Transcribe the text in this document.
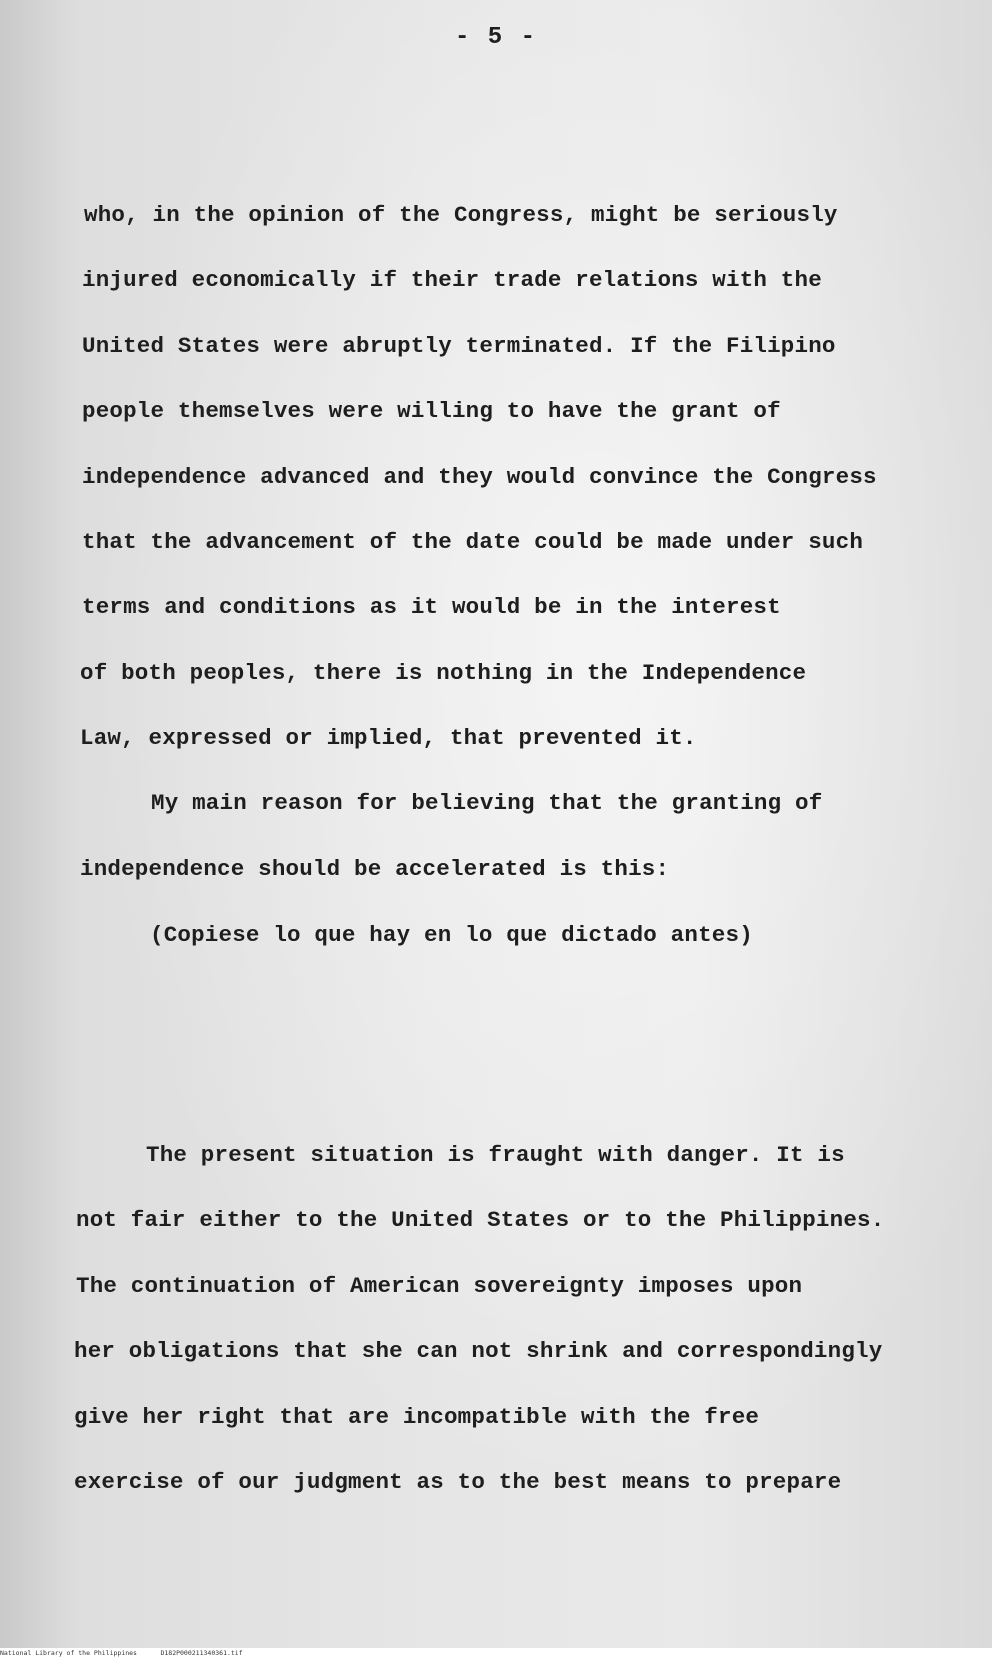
- 5 -
who, in the opinion of the Congress, might be seriously
injured economically if their trade relations with the
United States were abruptly terminated. If the Filipino
people themselves were willing to have the grant of
independence advanced and they would convince the Congress
that the advancement of the date could be made under such
terms and conditions as it would be in the interest
of both peoples, there is nothing in the Independence
Law, expressed or implied, that prevented it.
My main reason for believing that the granting of
independence should be accelerated is this:
(Copiese lo que hay en lo que dictado antes)
The present situation is fraught with danger. It is
not fair either to the United States or to the Philippines.
The continuation of American sovereignty imposes upon
her obligations that she can not shrink and correspondingly
give her right that are incompatible with the free
exercise of our judgment as to the best means to prepare
National Library of the Philippines	D182P000211340361.tif
